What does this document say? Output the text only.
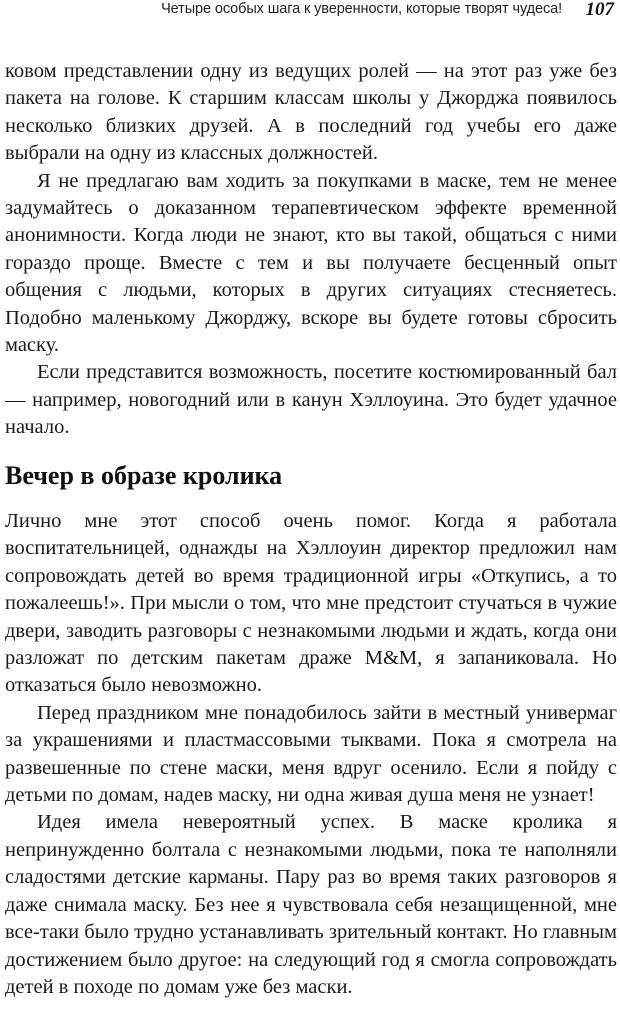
Четыре особых шага к уверенности, которые творят чудеса! 107

ковом представлении одну из ведущих ролей — на этот раз уже без пакета на голове. К старшим классам школы у Джорджа появилось несколько близких друзей. А в последний год учебы его даже выбрали на одну из классных должностей.

Я не предлагаю вам ходить за покупками в маске, тем не менее задумайтесь о доказанном терапевтическом эффекте временной анонимности. Когда люди не знают, кто вы такой, общаться с ними гораздо проще. Вместе с тем и вы получаете бесценный опыт общения с людьми, которых в других ситуациях стесняетесь. Подобно маленькому Джорджу, вскоре вы будете готовы сбросить маску.

Если представится возможность, посетите костюмированный бал — например, новогодний или в канун Хэллоуина. Это будет удачное начало.

Вечер в образе кролика

Лично мне этот способ очень помог. Когда я работала воспитательницей, однажды на Хэллоуин директор предложил нам сопровождать детей во время традиционной игры «Откупись, а то пожалеешь!». При мысли о том, что мне предстоит стучаться в чужие двери, заводить разговоры с незнакомыми людьми и ждать, когда они разложат по детским пакетам драже M&M, я запаниковала. Но отказаться было невозможно.

Перед праздником мне понадобилось зайти в местный универмаг за украшениями и пластмассовыми тыквами. Пока я смотрела на развешенные по стене маски, меня вдруг осенило. Если я пойду с детьми по домам, надев маску, ни одна живая душа меня не узнает!

Идея имела невероятный успех. В маске кролика я непринужденно болтала с незнакомыми людьми, пока те наполняли сладостями детские карманы. Пару раз во время таких разговоров я даже снимала маску. Без нее я чувствовала себя незащищенной, мне все-таки было трудно устанавливать зрительный контакт. Но главным достижением было другое: на следующий год я смогла сопровождать детей в походе по домам уже без маски.
